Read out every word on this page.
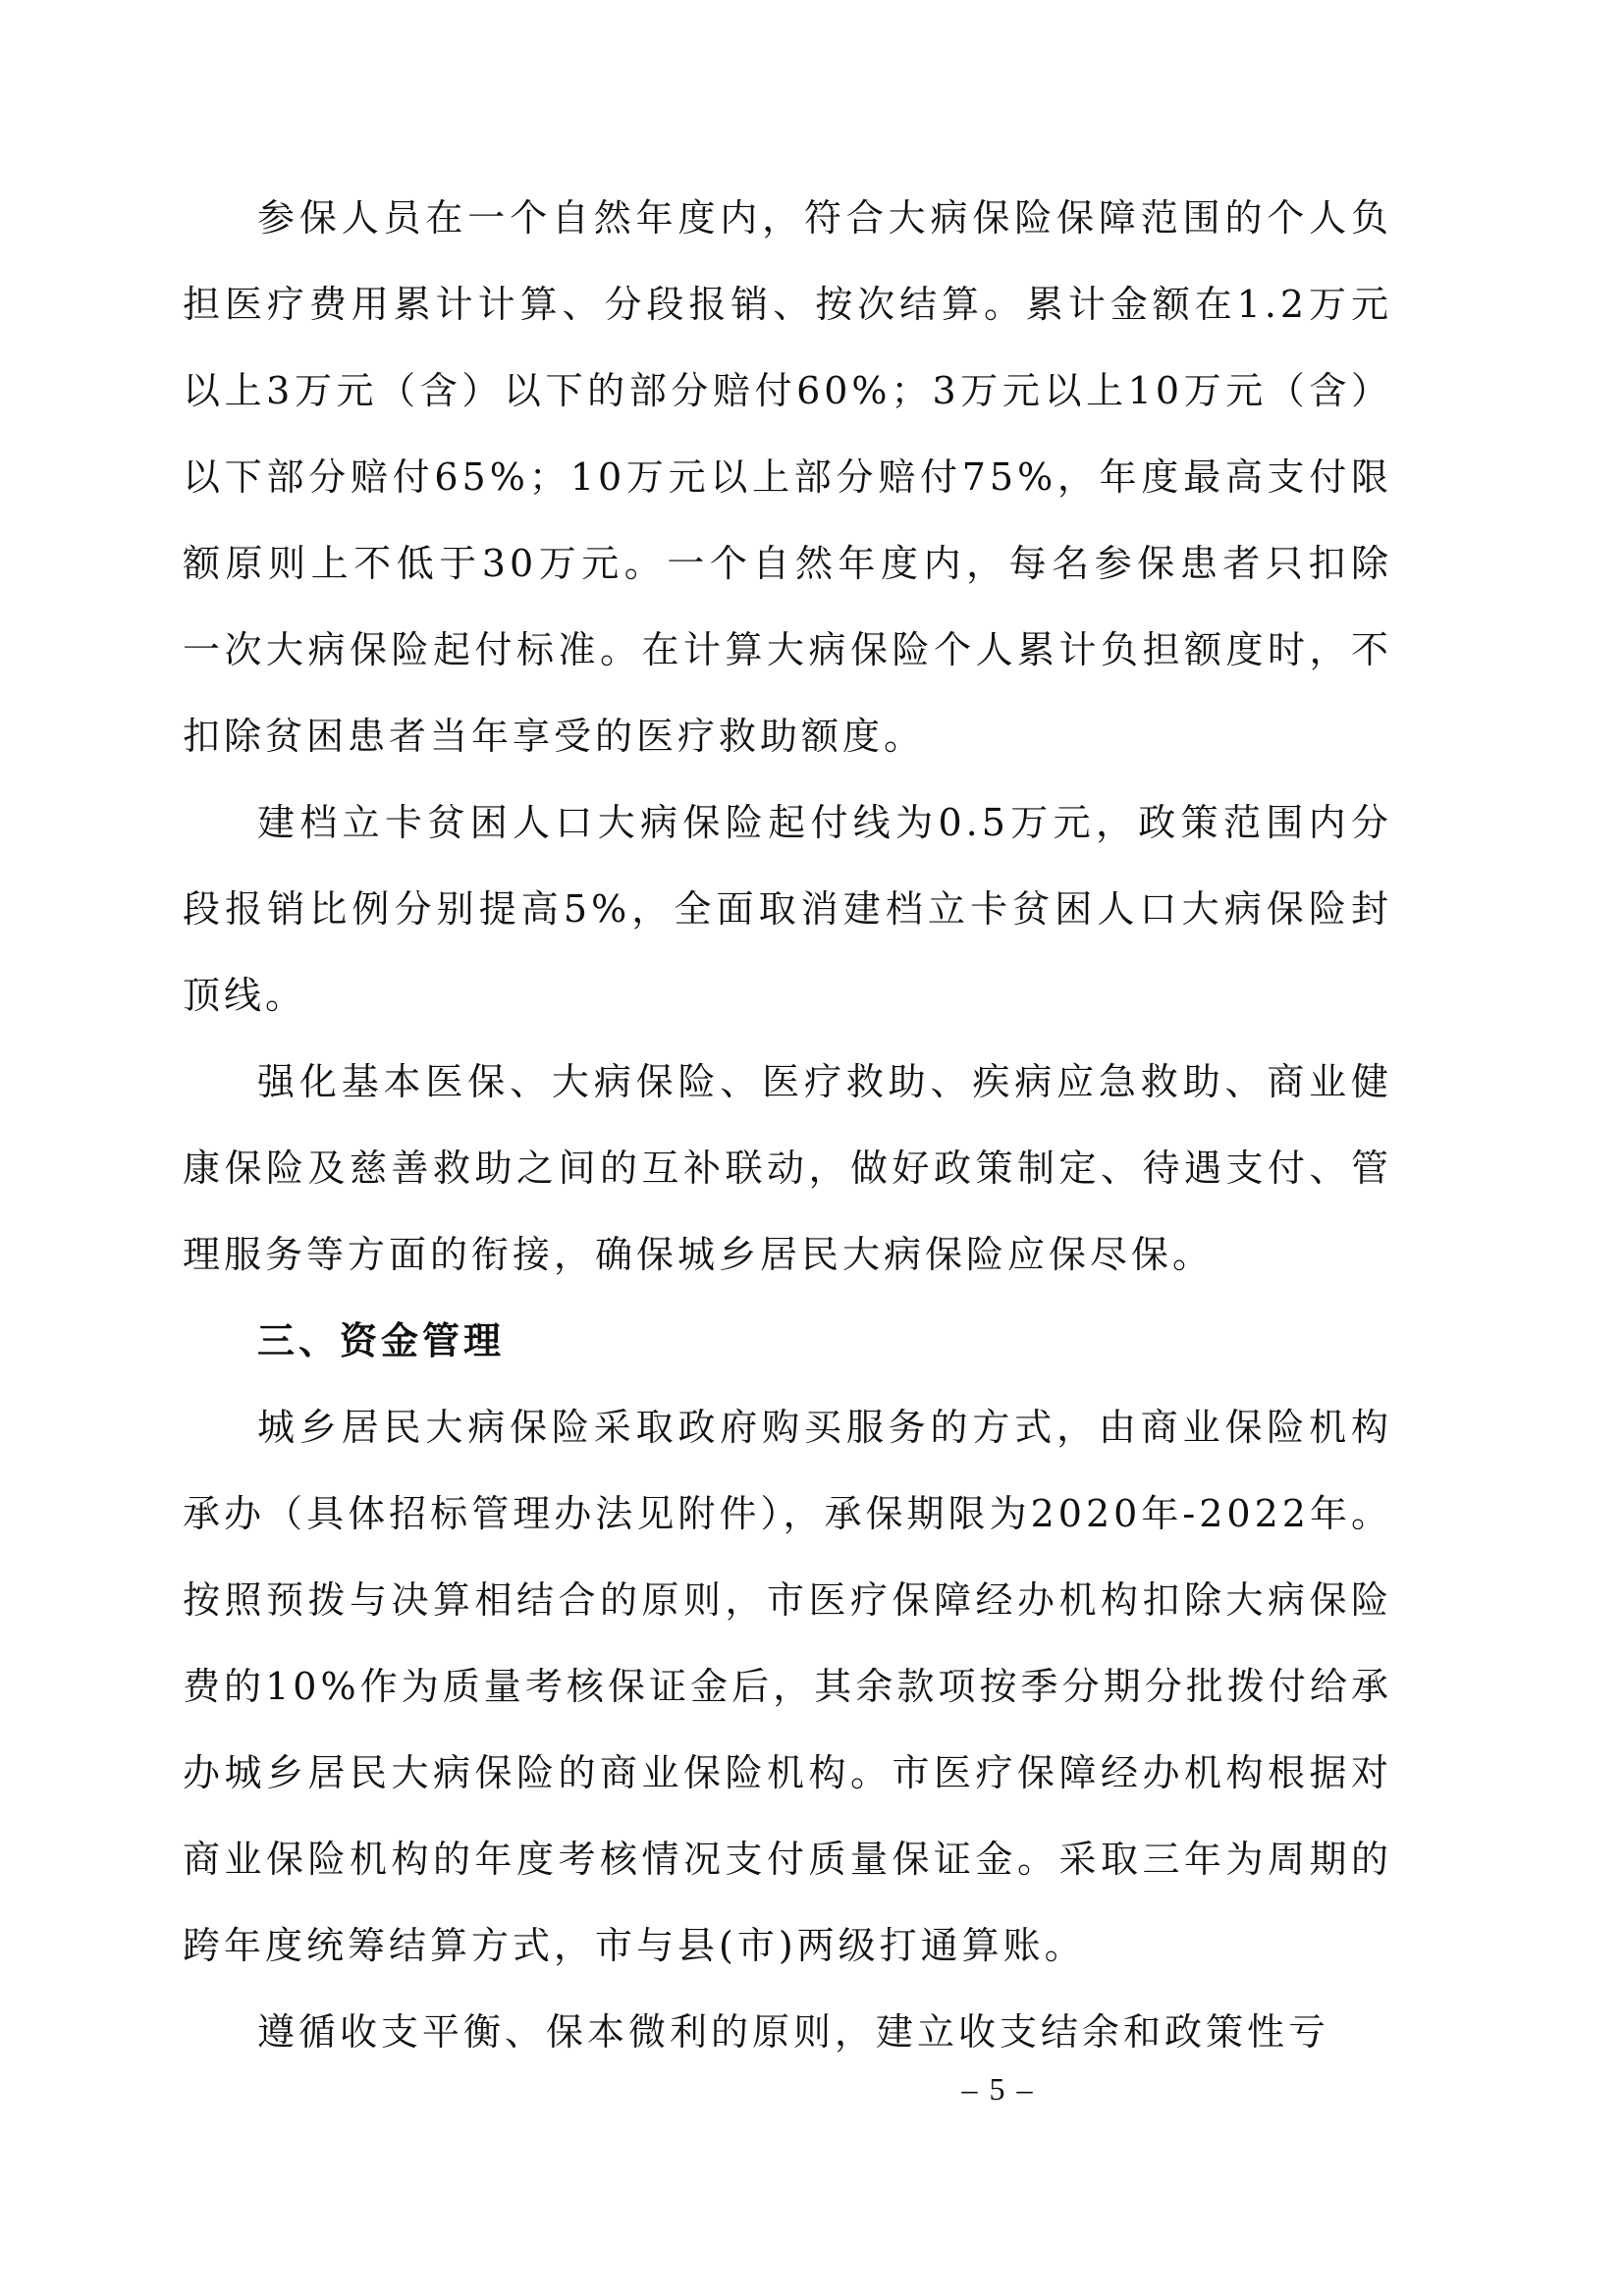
参保人员在一个自然年度内，符合大病保险保障范围的个人负担医疗费用累计计算、分段报销、按次结算。累计金额在1.2万元以上3万元（含）以下的部分赔付60%；3万元以上10万元（含）以下部分赔付65%；10万元以上部分赔付75%，年度最高支付限额原则上不低于30万元。一个自然年度内，每名参保患者只扣除一次大病保险起付标准。在计算大病保险个人累计负担额度时，不扣除贫困患者当年享受的医疗救助额度。

建档立卡贫困人口大病保险起付线为0.5万元，政策范围内分段报销比例分别提高5%，全面取消建档立卡贫困人口大病保险封顶线。

强化基本医保、大病保险、医疗救助、疾病应急救助、商业健康保险及慈善救助之间的互补联动，做好政策制定、待遇支付、管理服务等方面的衔接，确保城乡居民大病保险应保尽保。

三、资金管理

城乡居民大病保险采取政府购买服务的方式，由商业保险机构承办（具体招标管理办法见附件），承保期限为2020年-2022年。按照预拨与决算相结合的原则，市医疗保障经办机构扣除大病保险费的10%作为质量考核保证金后，其余款项按季分期分批拨付给承办城乡居民大病保险的商业保险机构。市医疗保障经办机构根据对商业保险机构的年度考核情况支付质量保证金。采取三年为周期的跨年度统筹结算方式，市与县(市)两级打通算账。

遵循收支平衡、保本微利的原则，建立收支结余和政策性亏

– 5 –
